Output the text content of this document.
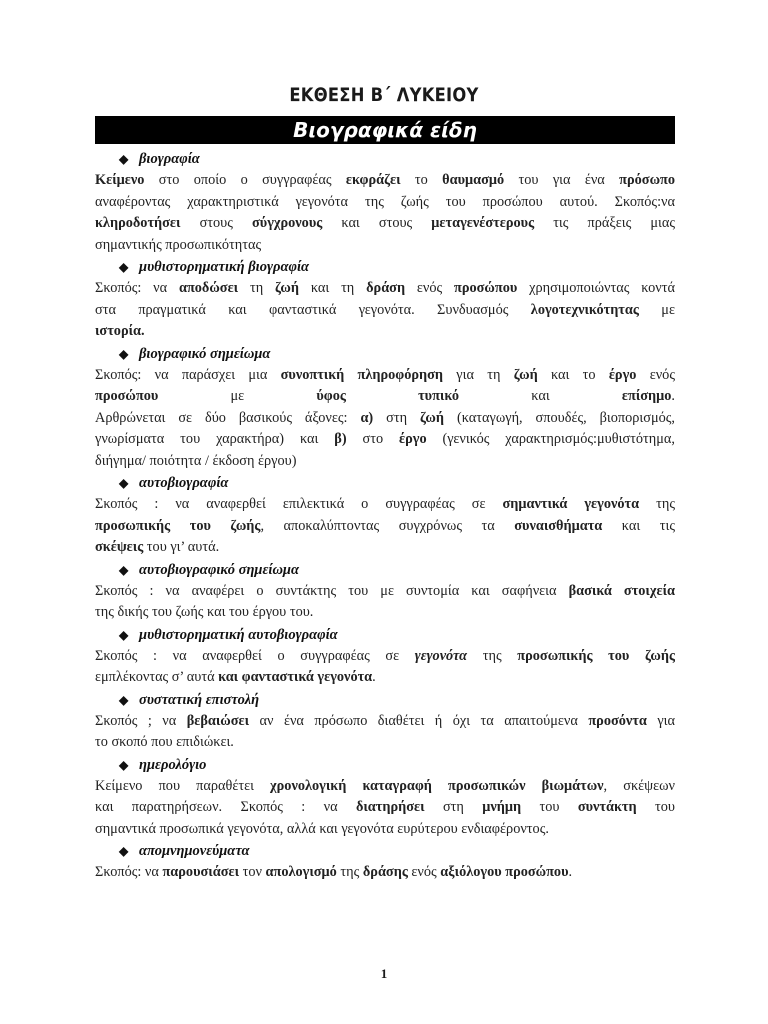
ΕΚΘΕΣΗ Β΄ ΛΥΚΕΙΟΥ
Βιογραφικά είδη
◆ βιογραφία
Κείμενο στο οποίο ο συγγραφέας εκφράζει το θαυμασμό του για ένα πρόσωπο
αναφέροντας χαρακτηριστικά γεγονότα της ζωής του προσώπου αυτού. Σκοπός:να
κληροδοτήσει στους σύγχρονους και στους μεταγενέστερους τις πράξεις μιας
σημαντικής προσωπικότητας
◆ μυθιστορηματική βιογραφία
Σκοπός: να αποδώσει τη ζωή και τη δράση ενός προσώπου χρησιμοποιώντας κοντά
στα πραγματικά και φανταστικά γεγονότα. Συνδυασμός λογοτεχνικότητας με
ιστορία.
◆ βιογραφικό σημείωμα
Σκοπός: να παράσχει μια συνοπτική πληροφόρηση για τη ζωή και το έργο ενός
προσώπου με ύφος τυπικό και επίσημο.
Αρθρώνεται σε δύο βασικούς άξονες: α) στη ζωή (καταγωγή, σπουδές, βιοπορισμός,
γνωρίσματα του χαρακτήρα) και β) στο έργο (γενικός χαρακτηρισμός:μυθιστότημα,
διήγημα/ ποιότητα / έκδοση έργου)
◆ αυτοβιογραφία
Σκοπός : να αναφερθεί επιλεκτικά ο συγγραφέας σε σημαντικά γεγονότα της
προσωπικής του ζωής, αποκαλύπτοντας συγχρόνως τα συναισθήματα και τις
σκέψεις του γι’ αυτά.
◆ αυτοβιογραφικό σημείωμα
Σκοπός : να αναφέρει ο συντάκτης του με συντομία και σαφήνεια βασικά στοιχεία
της δικής του ζωής και του έργου του.
◆ μυθιστορηματική αυτοβιογραφία
Σκοπός : να αναφερθεί ο συγγραφέας σε γεγονότα της προσωπικής του ζωής
εμπλέκοντας σ’ αυτά και φανταστικά γεγονότα.
◆ συστατική επιστολή
Σκοπός ; να βεβαιώσει αν ένα πρόσωπο διαθέτει ή όχι τα απαιτούμενα προσόντα για
το σκοπό που επιδιώκει.
◆ ημερολόγιο
Κείμενο που παραθέτει χρονολογική καταγραφή προσωπικών βιωμάτων, σκέψεων
και παρατηρήσεων. Σκοπός : να διατηρήσει στη μνήμη του συντάκτη του
σημαντικά προσωπικά γεγονότα, αλλά και γεγονότα ευρύτερου ενδιαφέροντος.
◆ απομνημονεύματα
Σκοπός: να παρουσιάσει τον απολογισμό της δράσης ενός αξιόλογου προσώπου.
1
